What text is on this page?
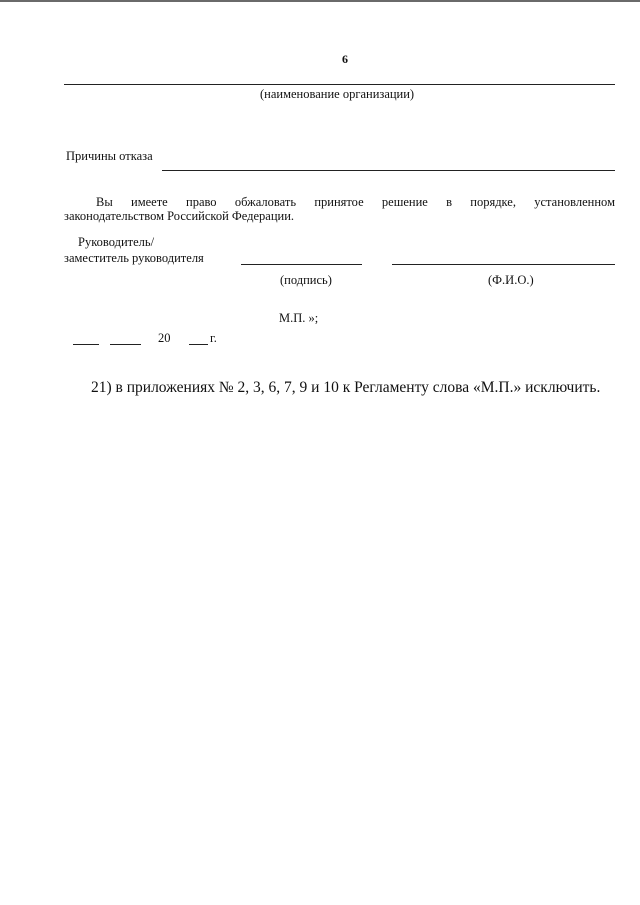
6
(наименование организации)
Причины отказа
Вы имеете право обжаловать принятое решение в порядке, установленном
законодательством Российской Федерации.
Руководитель/
заместитель руководителя
(подпись)	(Ф.И.О.)
М.П. »;
20	г.
21) в приложениях № 2, 3, 6, 7, 9 и 10 к Регламенту слова «М.П.» исключить.
